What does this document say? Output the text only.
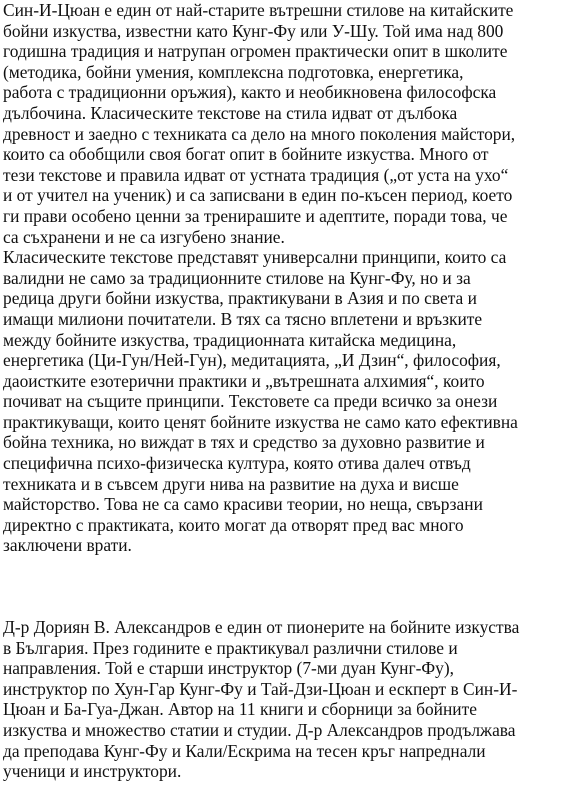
Син-И-Цюан е един от най-старите вътрешни стилове на китайските
бойни изкуства, известни като Кунг-Фу или У-Шу. Той има над 800
годишна традиция и натрупан огромен практически опит в школите
(методика, бойни умения, комплексна подготовка, енергетика,
работа с традиционни оръжия), както и необикновена философска
дълбочина. Класическите текстове на стила идват от дълбока
древност и заедно с техниката са дело на много поколения майстори,
които са обобщили своя богат опит в бойните изкуства. Много от
тези текстове и правила идват от устната традиция („от уста на ухо“
и от учител на ученик) и са записвани в един по-късен период, което
ги прави особено ценни за тренирашите и адептите, поради това, че
са съхранени и не са изгубено знание.
Класическите текстове представят универсални принципи, които са
валидни не само за традиционните стилове на Кунг-Фу, но и за
редица други бойни изкуства, практикувани в Азия и по света и
имащи милиони почитатели. В тях са тясно вплетени и връзките
между бойните изкуства, традиционната китайска медицина,
енергетика (Ци-Гун/Ней-Гун), медитацията, „И Дзин“, философия,
даоистките езотерични практики и „вътрешната алхимия“, които
почиват на същите принципи. Текстовете са преди всичко за онези
практикуващи, които ценят бойните изкуства не само като ефективна
бойна техника, но виждат в тях и средство за духовно развитие и
специфична психо-физическа култура, която отива далеч отвъд
техниката и в съвсем други нива на развитие на духа и висше
майсторство. Това не са само красиви теории, но неща, свързани
директно с практиката, които могат да отворят пред вас много
заключени врати.
Д-р Дориян В. Александров е един от пионерите на бойните изкуства
в България. През годините е практикувал различни стилове и
направления. Той е старши инструктор (7-ми дуан Кунг-Фу),
инструктор по Хун-Гар Кунг-Фу и Тай-Дзи-Цюан и ескперт в Син-И-
Цюан и Ба-Гуа-Джан. Автор на 11 книги и сборници за бойните
изкуства и множество статии и студии. Д-р Александров продължава
да преподава Кунг-Фу и Кали/Ескрима на тесен кръг напреднали
ученици и инструктори.
